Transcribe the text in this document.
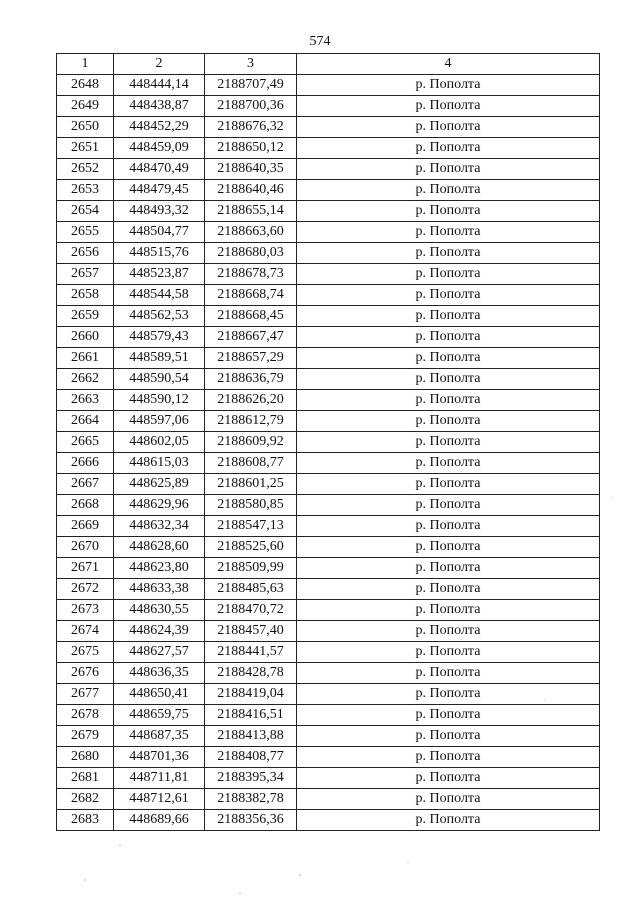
574
1	2	3	4
2648	448444,14	2188707,49	р. Пополта
2649	448438,87	2188700,36	р. Пополта
2650	448452,29	2188676,32	р. Пополта
2651	448459,09	2188650,12	р. Пополта
2652	448470,49	2188640,35	р. Пополта
2653	448479,45	2188640,46	р. Пополта
2654	448493,32	2188655,14	р. Пополта
2655	448504,77	2188663,60	р. Пополта
2656	448515,76	2188680,03	р. Пополта
2657	448523,87	2188678,73	р. Пополта
2658	448544,58	2188668,74	р. Пополта
2659	448562,53	2188668,45	р. Пополта
2660	448579,43	2188667,47	р. Пополта
2661	448589,51	2188657,29	р. Пополта
2662	448590,54	2188636,79	р. Пополта
2663	448590,12	2188626,20	р. Пополта
2664	448597,06	2188612,79	р. Пополта
2665	448602,05	2188609,92	р. Пополта
2666	448615,03	2188608,77	р. Пополта
2667	448625,89	2188601,25	р. Пополта
2668	448629,96	2188580,85	р. Пополта
2669	448632,34	2188547,13	р. Пополта
2670	448628,60	2188525,60	р. Пополта
2671	448623,80	2188509,99	р. Пополта
2672	448633,38	2188485,63	р. Пополта
2673	448630,55	2188470,72	р. Пополта
2674	448624,39	2188457,40	р. Пополта
2675	448627,57	2188441,57	р. Пополта
2676	448636,35	2188428,78	р. Пополта
2677	448650,41	2188419,04	р. Пополта
2678	448659,75	2188416,51	р. Пополта
2679	448687,35	2188413,88	р. Пополта
2680	448701,36	2188408,77	р. Пополта
2681	448711,81	2188395,34	р. Пополта
2682	448712,61	2188382,78	р. Пополта
2683	448689,66	2188356,36	р. Пополта
